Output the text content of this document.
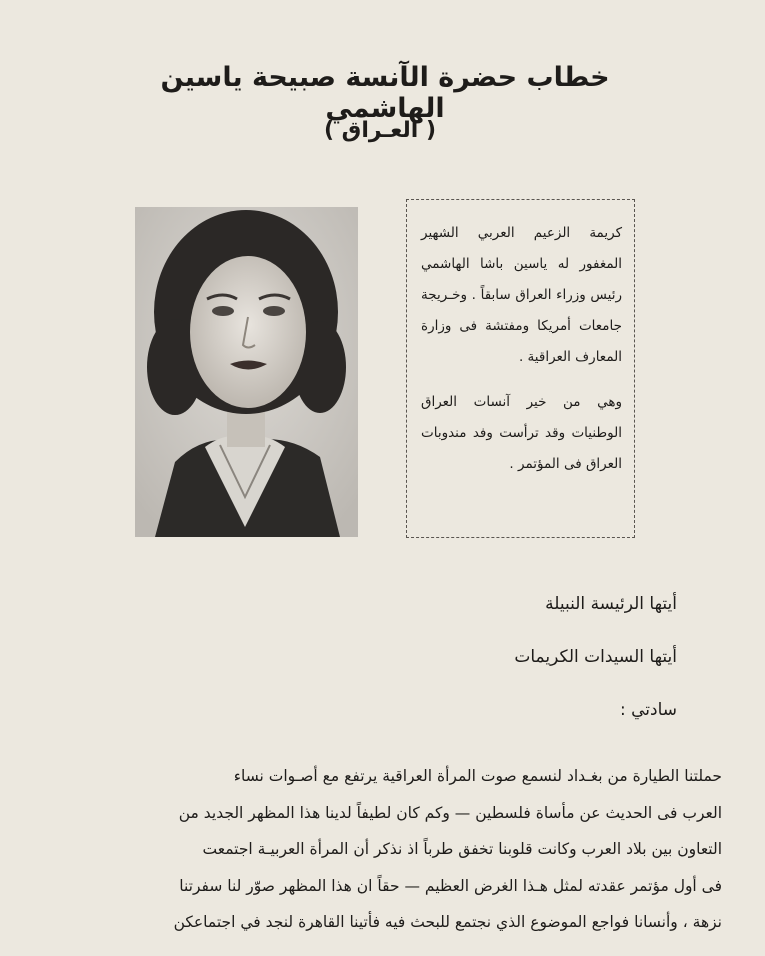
خطاب حضرة الآنسة صبيحة ياسين الهاشمي
( العـراق )

كريمة الزعيم العربي الشهير المغفور له ياسين باشا الهاشمي رئيس وزراء العراق سابقاً . وخـريجة جامعات أمريكا ومفتشة فى وزارة المعارف العراقية .

وهي من خير آنسات العراق الوطنيات وقد ترأست وفد مندوبات العراق فى المؤتمر .

أيتها الرئيسة النبيلة
أيتها السيدات الكريمات
سادتي :
حملتنا الطيارة من بغـداد لنسمع صوت المرأة العراقية يرتفع مع أصـوات نساء
العرب فى الحديث عن مأساة فلسطين — وكم كان لطيفاً لدينا هذا المظهر الجديد من
التعاون بين بلاد العرب وكانت قلوبنا تخفق طرباً اذ نذكر أن المرأة العربيـة اجتمعت
فى أول مؤتمر عقدته لمثل هـذا الغرض العظيم — حقاً ان هذا المظهر صوّر لنا سفرتنا
نزهة ، وأنسانا فواجع الموضوع الذي نجتمع للبحث فيه فأتينا القاهرة لنجد في اجتماعكن
